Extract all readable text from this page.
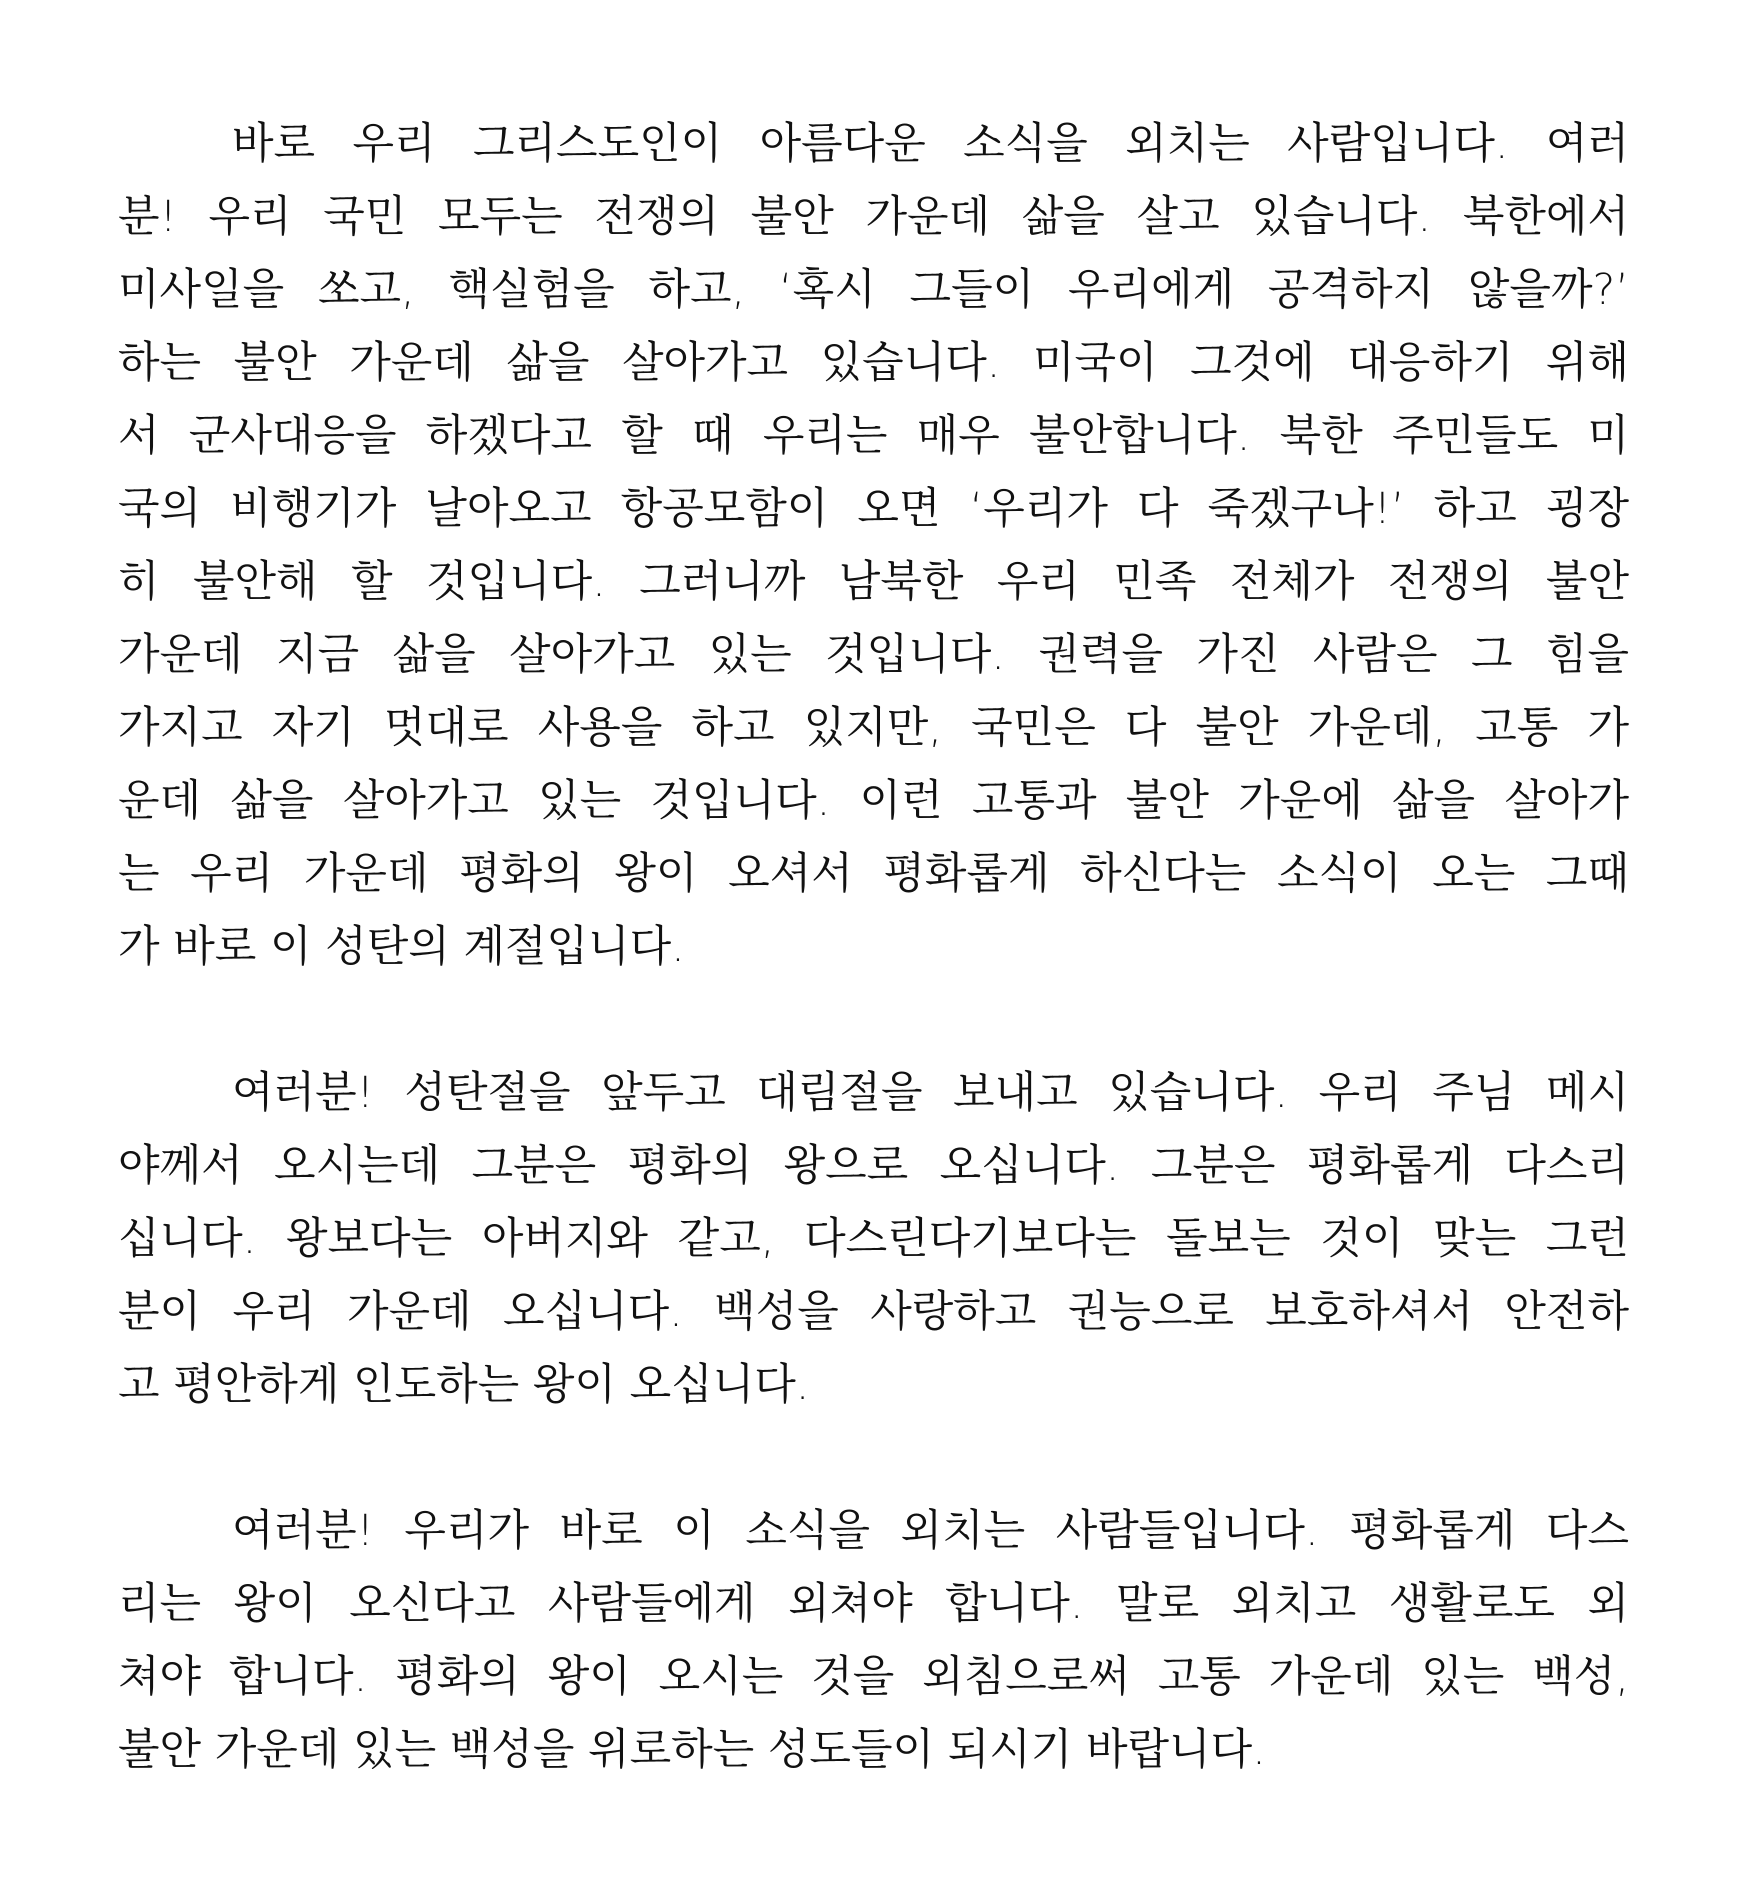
바로 우리 그리스도인이 아름다운 소식을 외치는 사람입니다. 여러
분! 우리 국민 모두는 전쟁의 불안 가운데 삶을 살고 있습니다. 북한에서
미사일을 쏘고, 핵실험을 하고, ‘혹시 그들이 우리에게 공격하지 않을까?’
하는 불안 가운데 삶을 살아가고 있습니다. 미국이 그것에 대응하기 위해
서 군사대응을 하겠다고 할 때 우리는 매우 불안합니다. 북한 주민들도 미
국의 비행기가 날아오고 항공모함이 오면 ‘우리가 다 죽겠구나!’ 하고 굉장
히 불안해 할 것입니다. 그러니까 남북한 우리 민족 전체가 전쟁의 불안
가운데 지금 삶을 살아가고 있는 것입니다. 권력을 가진 사람은 그 힘을
가지고 자기 멋대로 사용을 하고 있지만, 국민은 다 불안 가운데, 고통 가
운데 삶을 살아가고 있는 것입니다. 이런 고통과 불안 가운에 삶을 살아가
는 우리 가운데 평화의 왕이 오셔서 평화롭게 하신다는 소식이 오는 그때
가 바로 이 성탄의 계절입니다.
여러분! 성탄절을 앞두고 대림절을 보내고 있습니다. 우리 주님 메시
야께서 오시는데 그분은 평화의 왕으로 오십니다. 그분은 평화롭게 다스리
십니다. 왕보다는 아버지와 같고, 다스린다기보다는 돌보는 것이 맞는 그런
분이 우리 가운데 오십니다. 백성을 사랑하고 권능으로 보호하셔서 안전하
고 평안하게 인도하는 왕이 오십니다.
여러분! 우리가 바로 이 소식을 외치는 사람들입니다. 평화롭게 다스
리는 왕이 오신다고 사람들에게 외쳐야 합니다. 말로 외치고 생활로도 외
쳐야 합니다. 평화의 왕이 오시는 것을 외침으로써 고통 가운데 있는 백성,
불안 가운데 있는 백성을 위로하는 성도들이 되시기 바랍니다.
